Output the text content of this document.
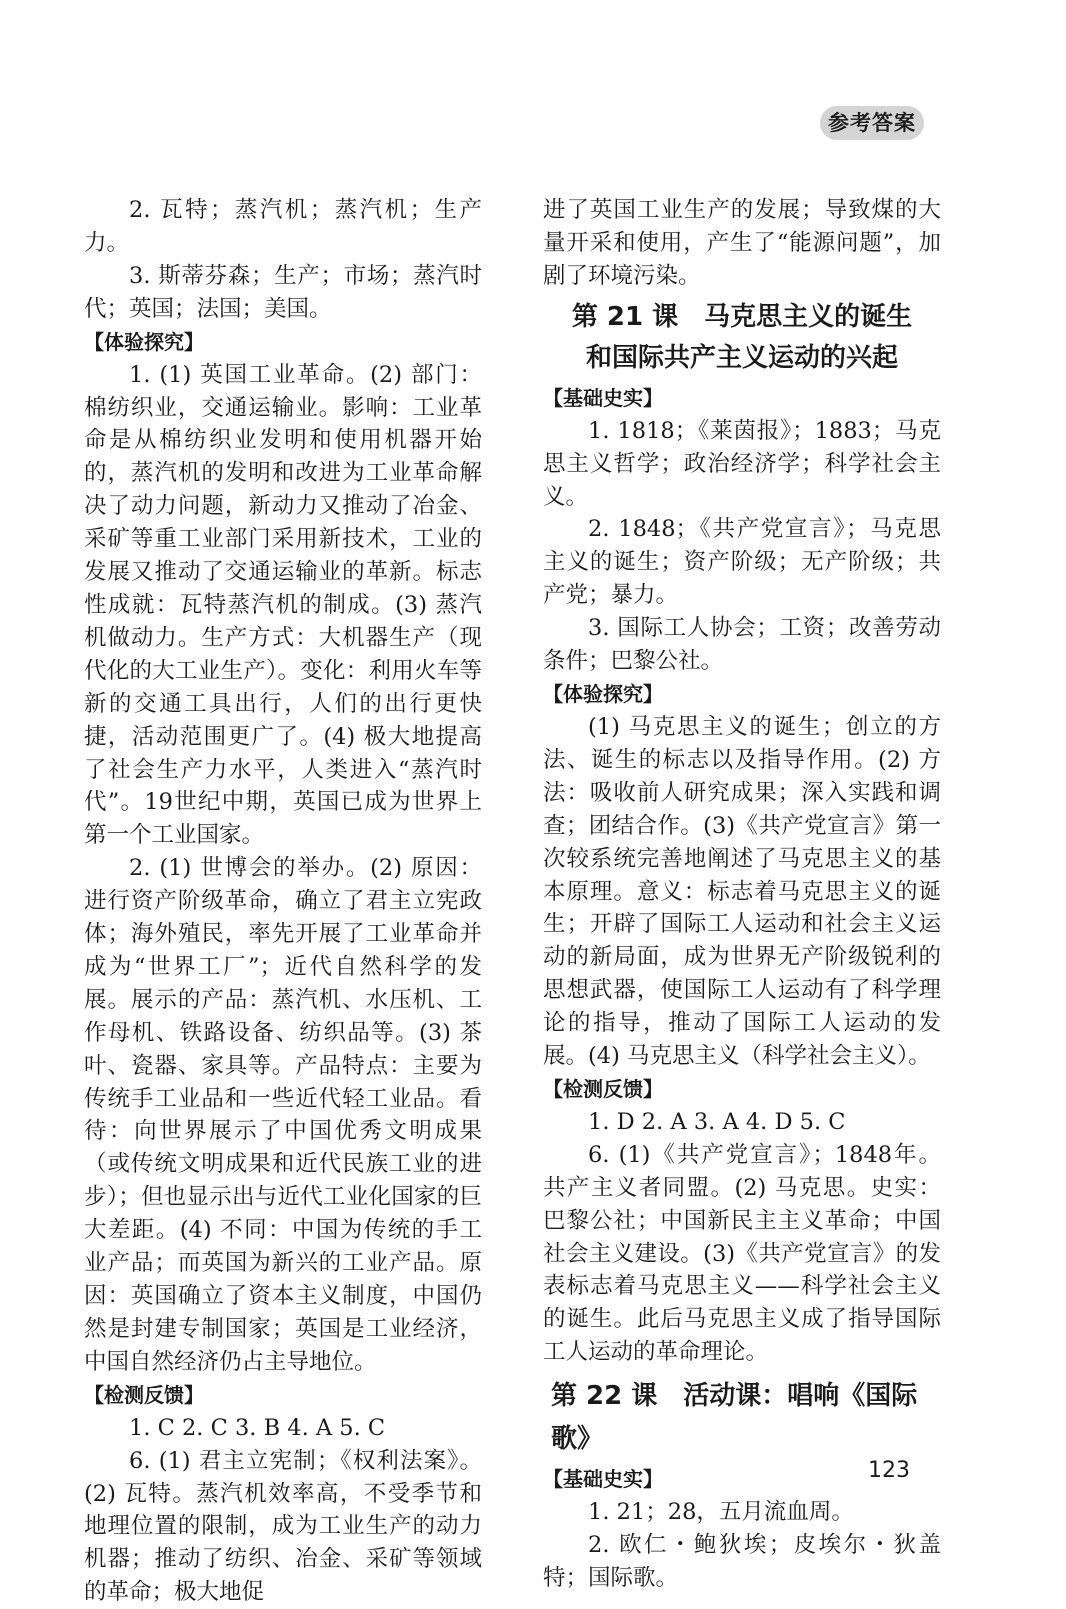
参考答案

2. 瓦特；蒸汽机；蒸汽机；生产力。

3. 斯蒂芬森；生产；市场；蒸汽时代；英国；法国；美国。

【体验探究】

1. (1) 英国工业革命。(2) 部门：棉纺织业，交通运输业。影响：工业革命是从棉纺织业发明和使用机器开始的，蒸汽机的发明和改进为工业革命解决了动力问题，新动力又推动了冶金、采矿等重工业部门采用新技术，工业的发展又推动了交通运输业的革新。标志性成就：瓦特蒸汽机的制成。(3) 蒸汽机做动力。生产方式：大机器生产（现代化的大工业生产）。变化：利用火车等新的交通工具出行，人们的出行更快捷，活动范围更广了。(4) 极大地提高了社会生产力水平，人类进入“蒸汽时代”。19世纪中期，英国已成为世界上第一个工业国家。

2. (1) 世博会的举办。(2) 原因：进行资产阶级革命，确立了君主立宪政体；海外殖民，率先开展了工业革命并成为“世界工厂”；近代自然科学的发展。展示的产品：蒸汽机、水压机、工作母机、铁路设备、纺织品等。(3) 茶叶、瓷器、家具等。产品特点：主要为传统手工业品和一些近代轻工业品。看待：向世界展示了中国优秀文明成果（或传统文明成果和近代民族工业的进步）；但也显示出与近代工业化国家的巨大差距。(4) 不同：中国为传统的手工业产品；而英国为新兴的工业产品。原因：英国确立了资本主义制度，中国仍然是封建专制国家；英国是工业经济，中国自然经济仍占主导地位。

【检测反馈】

1. C 2. C 3. B 4. A 5. C

6. (1) 君主立宪制；《权利法案》。(2) 瓦特。蒸汽机效率高，不受季节和地理位置的限制，成为工业生产的动力机器；推动了纺织、冶金、采矿等领域的革命；极大地促

进了英国工业生产的发展；导致煤的大量开采和使用，产生了“能源问题”，加剧了环境污染。

第 21 课　马克思主义的诞生
和国际共产主义运动的兴起
【基础史实】

1. 1818；《莱茵报》；1883；马克思主义哲学；政治经济学；科学社会主义。

2. 1848；《共产党宣言》；马克思主义的诞生；资产阶级；无产阶级；共产党；暴力。

3. 国际工人协会；工资；改善劳动条件；巴黎公社。

【体验探究】

(1) 马克思主义的诞生；创立的方法、诞生的标志以及指导作用。(2) 方法：吸收前人研究成果；深入实践和调查；团结合作。(3)《共产党宣言》第一次较系统完善地阐述了马克思主义的基本原理。意义：标志着马克思主义的诞生；开辟了国际工人运动和社会主义运动的新局面，成为世界无产阶级锐利的思想武器，使国际工人运动有了科学理论的指导，推动了国际工人运动的发展。(4) 马克思主义（科学社会主义）。

【检测反馈】

1. D 2. A 3. A 4. D 5. C

6. (1)《共产党宣言》；1848年。共产主义者同盟。(2) 马克思。史实：巴黎公社；中国新民主主义革命；中国社会主义建设。(3)《共产党宣言》的发表标志着马克思主义——科学社会主义的诞生。此后马克思主义成了指导国际工人运动的革命理论。

第 22 课　活动课：唱响《国际歌》
【基础史实】

1. 21；28，五月流血周。

2. 欧仁・鲍狄埃；皮埃尔・狄盖特；国际歌。

123
